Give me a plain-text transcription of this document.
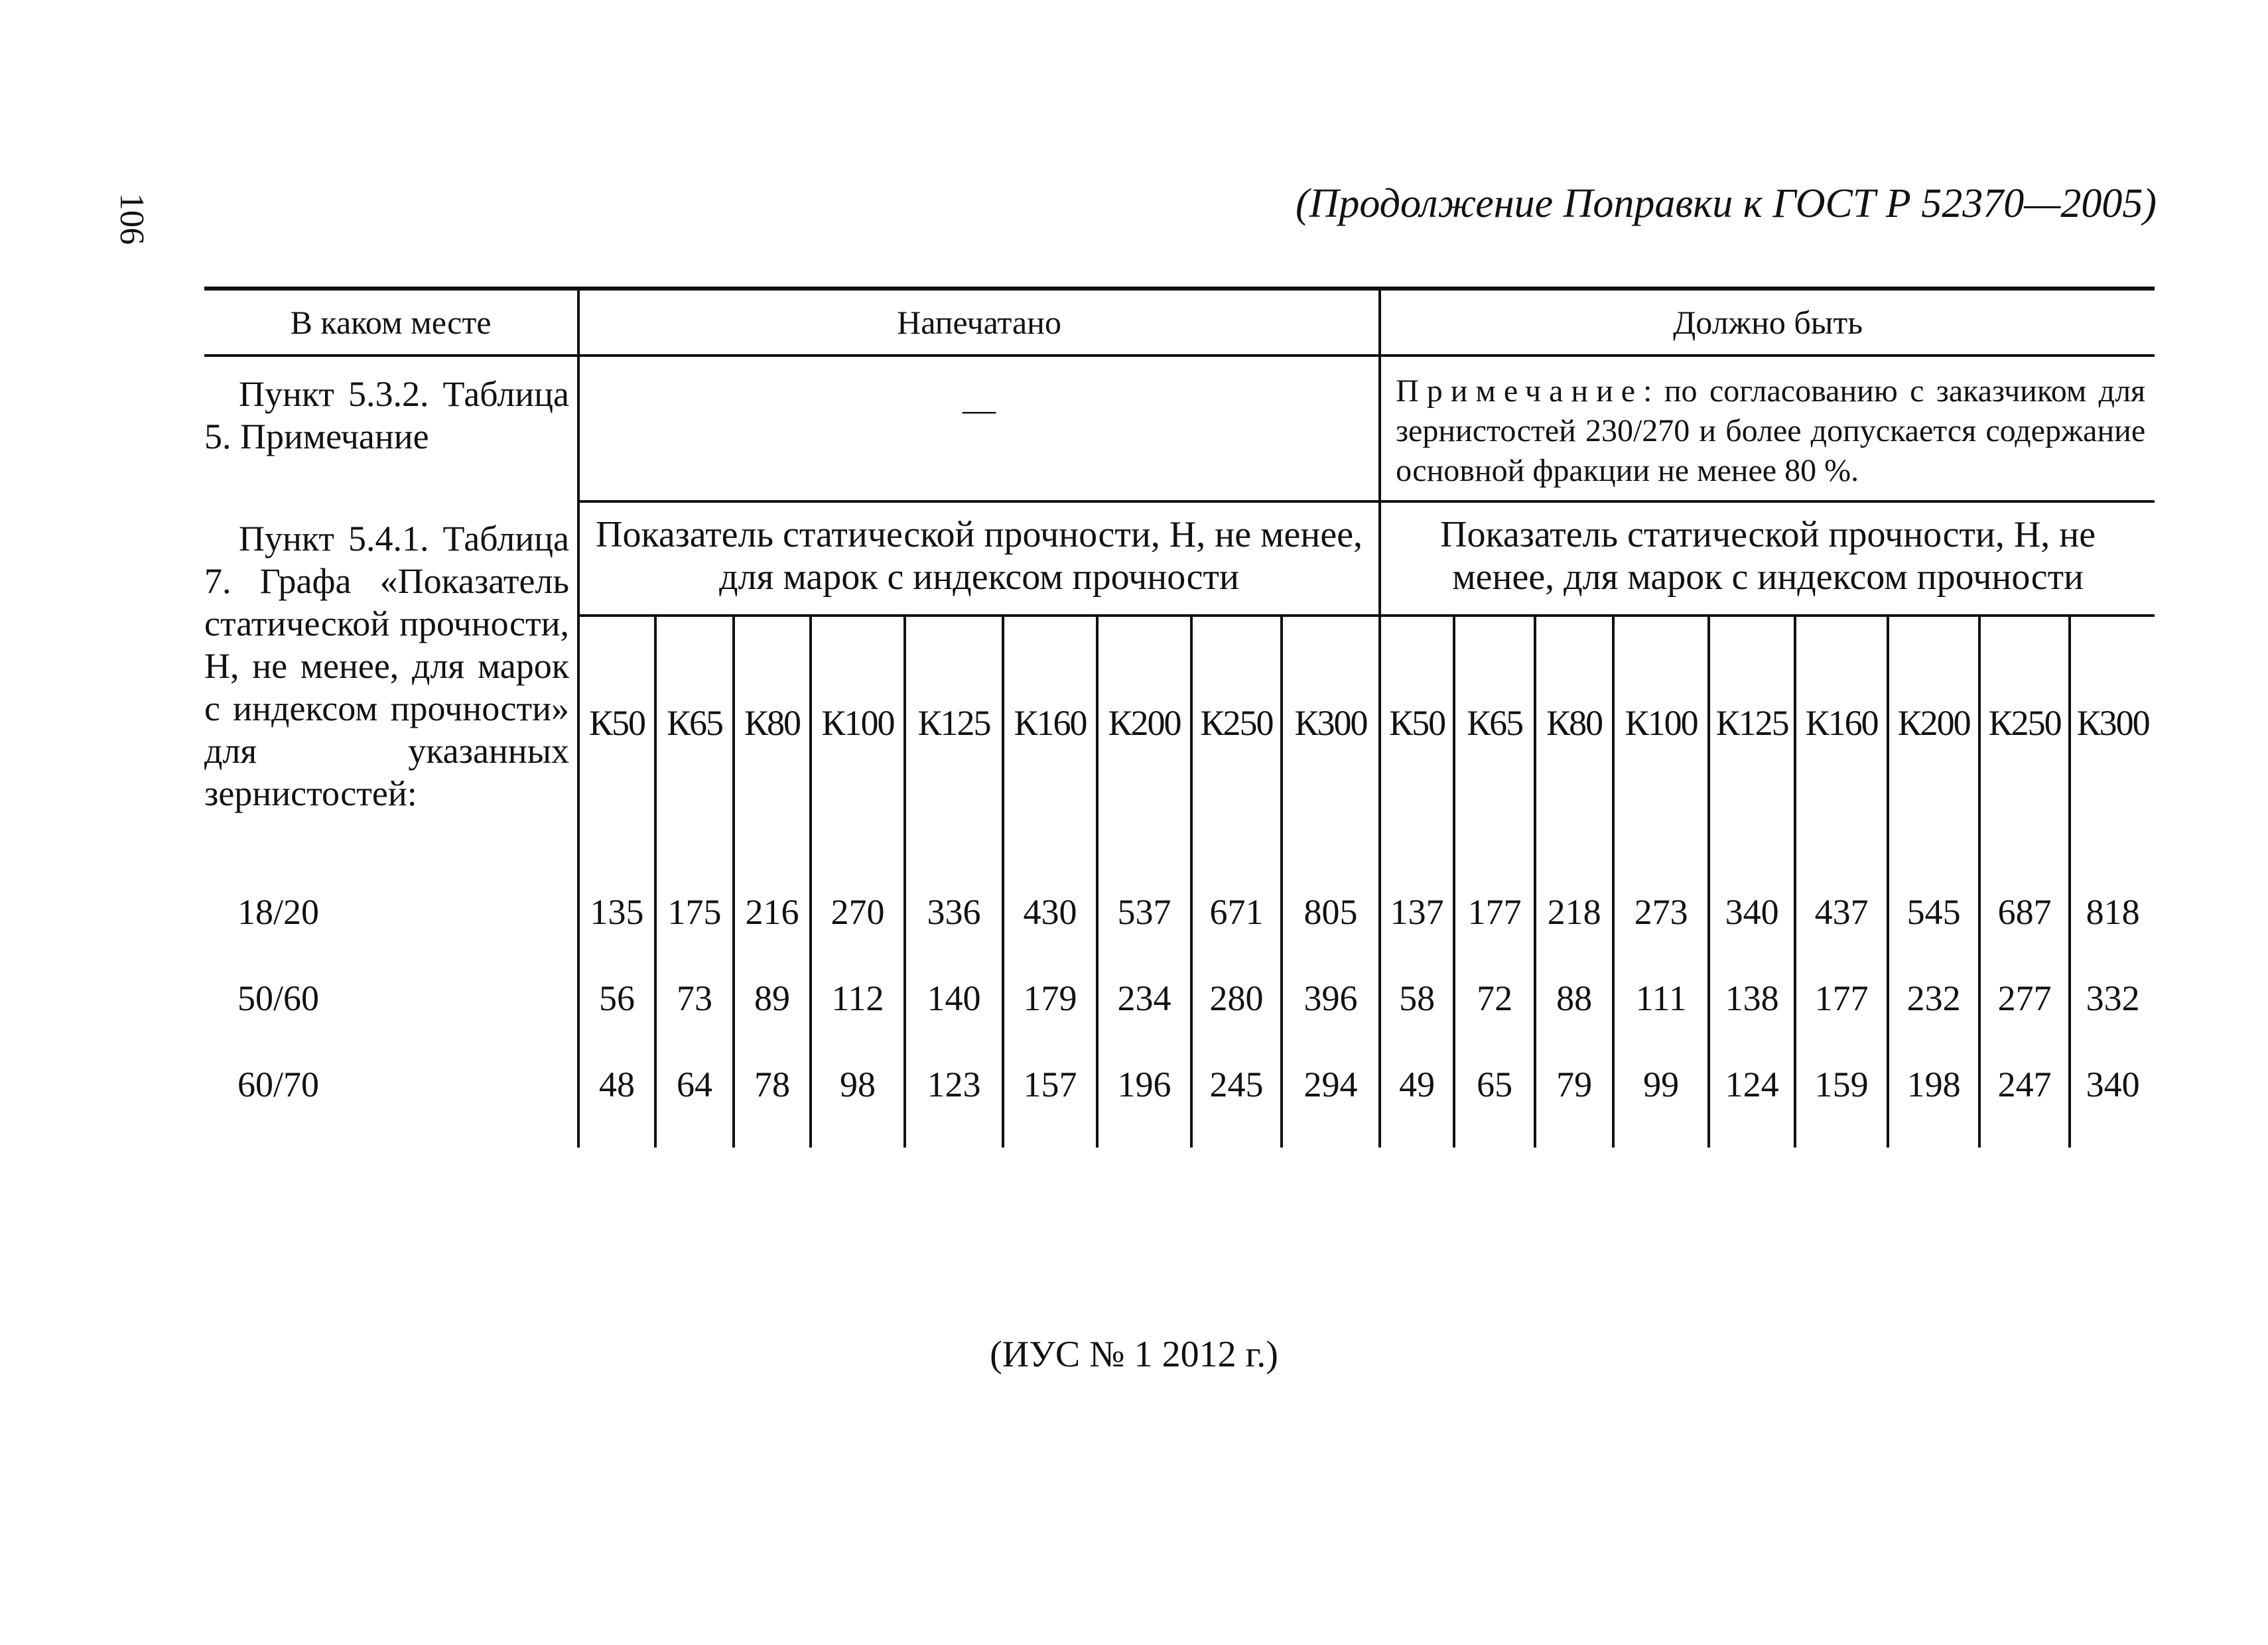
106	(Продолжение Поправки к ГОСТ Р 52370—2005)
В каком месте	Напечатано									Должно быть								
Пункт 5.3.2. Таблица 5. Примечание	—									Примечание: по согласованию с заказчиком для зернистостей 230/270 и более допускается содержание основной фракции не менее 80 %.								
Пункт 5.4.1. Таблица 7. Графа «Показатель статической прочности, Н, не менее, для марок с индексом прочности» для указанных зернистостей:	Показатель статической прочности, Н, не менее, для марок с индексом прочности									Показатель статической прочности, Н, не менее, для марок с индексом прочности								
	К50	К65	К80	К100	К125	К160	К200	К250	К300	К50	К65	К80	К100	К125	К160	К200	К250	К300

18/20	135	175	216	270	336	430	537	671	805	137	177	218	273	340	437	545	687	818
50/60	56	73	89	112	140	179	234	280	396	58	72	88	111	138	177	232	277	332
60/70	48	64	78	98	123	157	196	245	294	49	65	79	99	124	159	198	247	340

(ИУС № 1 2012 г.)
